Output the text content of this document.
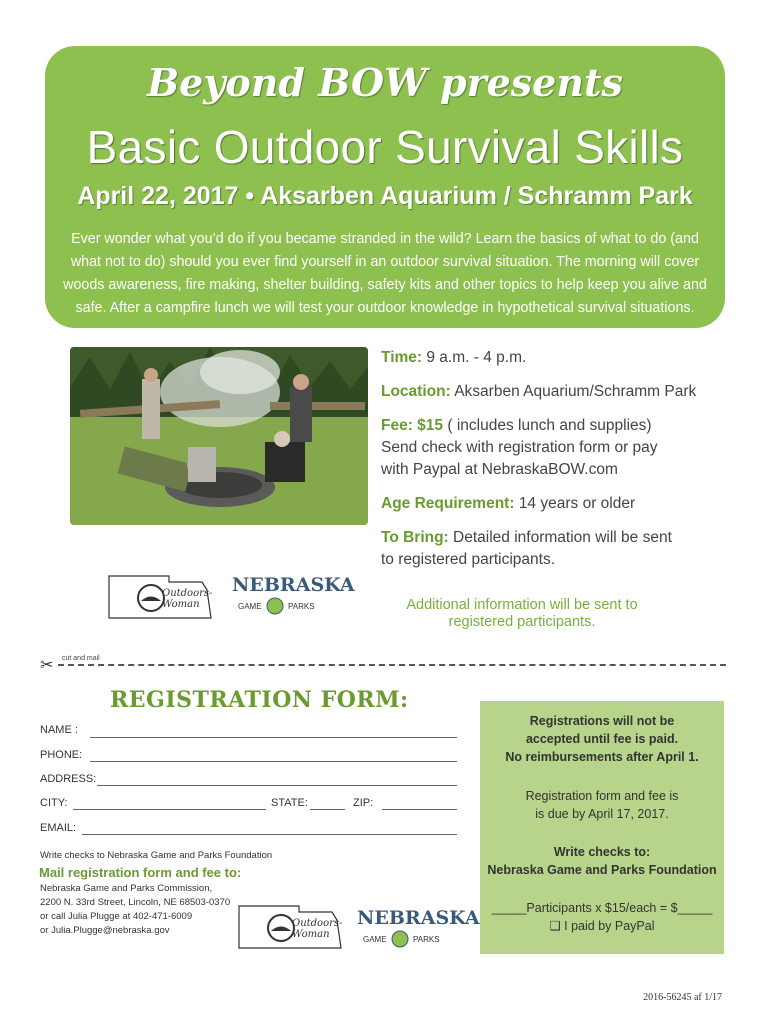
Beyond BOW presents
Basic Outdoor Survival Skills
April 22, 2017 • Aksarben Aquarium / Schramm Park
Ever wonder what you’d do if you became stranded in the wild? Learn the basics of what to do (and what not to do) should you ever find yourself in an outdoor survival situation. The morning will cover woods awareness, fire making, shelter building, safety kits and other topics to help keep you alive and safe. After a campfire lunch we will test your outdoor knowledge in hypothetical survival situations.
Time: 9 a.m. - 4 p.m.
Location: Aksarben Aquarium/Schramm Park
Fee: $15 ( includes lunch and supplies) Send check with registration form or pay with Paypal at NebraskaBOW.com
Age Requirement: 14 years or older
To Bring: Detailed information will be sent to registered participants.
Additional information will be sent to registered participants.
Outdoors-Woman
NEBRASKA
GAME	PARKS
✂ cut and mail
REGISTRATION FORM:
NAME :
PHONE:
ADDRESS:
CITY:	STATE:	ZIP:
EMAIL:
Write checks to Nebraska Game and Parks Foundation
Mail registration form and fee to:
Nebraska Game and Parks Commission,
2200 N. 33rd Street, Lincoln, NE 68503-0370
or call Julia Plugge at 402-471-6009
or Julia.Plugge@nebraska.gov
Outdoors-Woman
NEBRASKA
GAME	PARKS
Registrations will not be
accepted until fee is paid.
No reimbursements after April 1.
Registration form and fee is
is due by April 17, 2017.
Write checks to:
Nebraska Game and Parks Foundation
_____Participants x $15/each = $_____
❑ I paid by PayPal
2016-56245 af 1/17
